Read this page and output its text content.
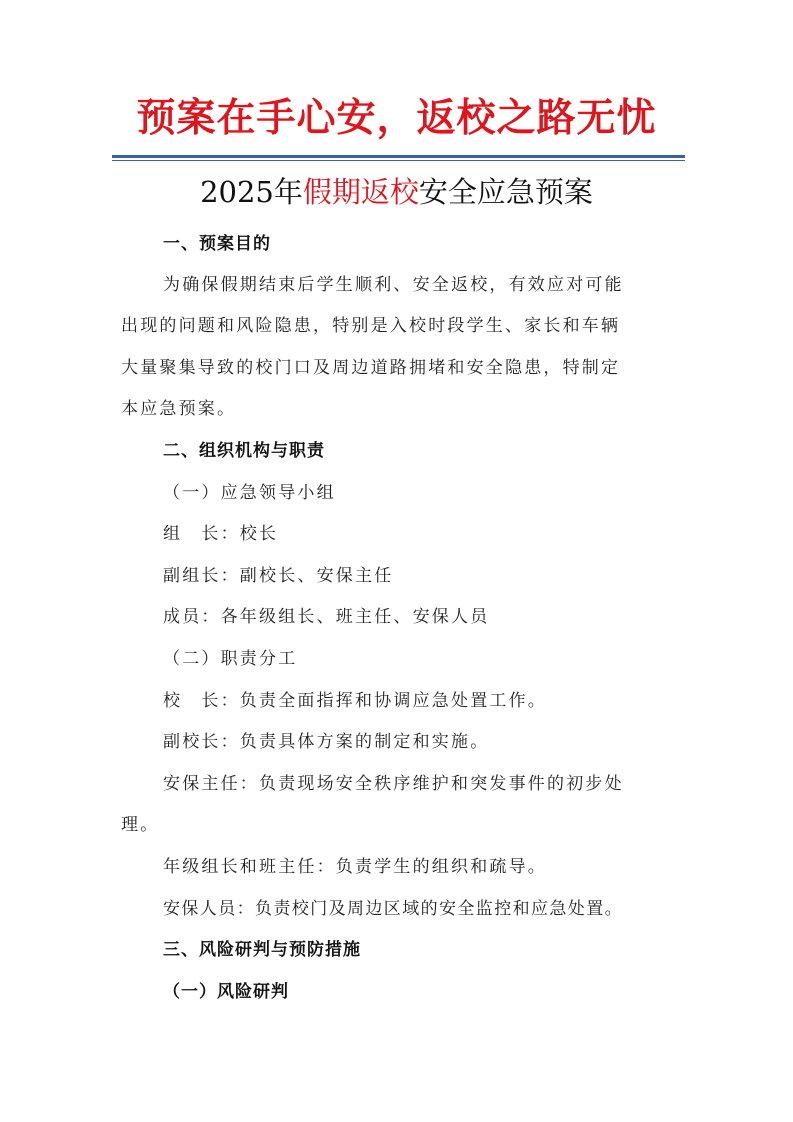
预案在手心安，返校之路无忧
2025年假期返校安全应急预案
一、预案目的
为确保假期结束后学生顺利、安全返校，有效应对可能
出现的问题和风险隐患，特别是入校时段学生、家长和车辆
大量聚集导致的校门口及周边道路拥堵和安全隐患，特制定
本应急预案。
二、组织机构与职责
（一）应急领导小组
组　长：校长
副组长：副校长、安保主任
成员：各年级组长、班主任、安保人员
（二）职责分工
校　长：负责全面指挥和协调应急处置工作。
副校长：负责具体方案的制定和实施。
安保主任：负责现场安全秩序维护和突发事件的初步处
理。
年级组长和班主任：负责学生的组织和疏导。
安保人员：负责校门及周边区域的安全监控和应急处置。
三、风险研判与预防措施
（一）风险研判
